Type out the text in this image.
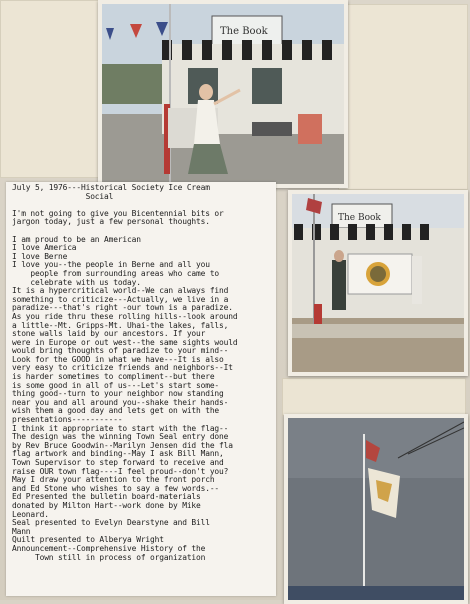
The Book
July 5, 1976---Historical Society Ice Cream
Social
I'm not going to give you Bicentennial bits or
jargon today, just a few personal thoughts.
I am proud to be an American
I love America
I love Berne
I love you--the people in Berne and all you
people from surrounding areas who came to
celebrate with us today.
It is a hypercritical world--We can always find
something to criticize---Actually, we live in a
paradize---that's right -our town is a paradize.
As you ride thru these rolling hills--look around
a little--Mt. Gripps-Mt. Uhai-the lakes, falls,
stone walls laid by our ancestors. If your
were in Europe or out west--the same sights would
would bring thoughts of paradize to your mind--
Look for the GOOD in what we have---It is also
very easy to criticize friends and neighbors--It
is harder sometimes to compliment--but there
is some good in all of us---Let's start some-
thing good--turn to your neighbor now standing
near you and all around you--shake their hands-
wish them a good day and lets get on with the
presentations-----------
I think it appropriate to start with the flag--
The design was the winning Town Seal entry done
by Rev Bruce Goodwin--Marilyn Jensen did the fla
flag artwork and binding--May I ask Bill Mann,
Town Supervisor to step forward to receive and
raise OUR town flag----I feel proud--don't you?
May I draw your attention to the front porch
and Ed Stone who wishes to say a few words.--
Ed Presented the bulletin board-materials
donated by Milton Hart--work done by Mike
Leonard.
Seal presented to Evelyn Dearstyne and Bill
Mann
Quilt presented to Alberya Wright
Announcement--Comprehensive History of the
Town still in process of organization
The Book
